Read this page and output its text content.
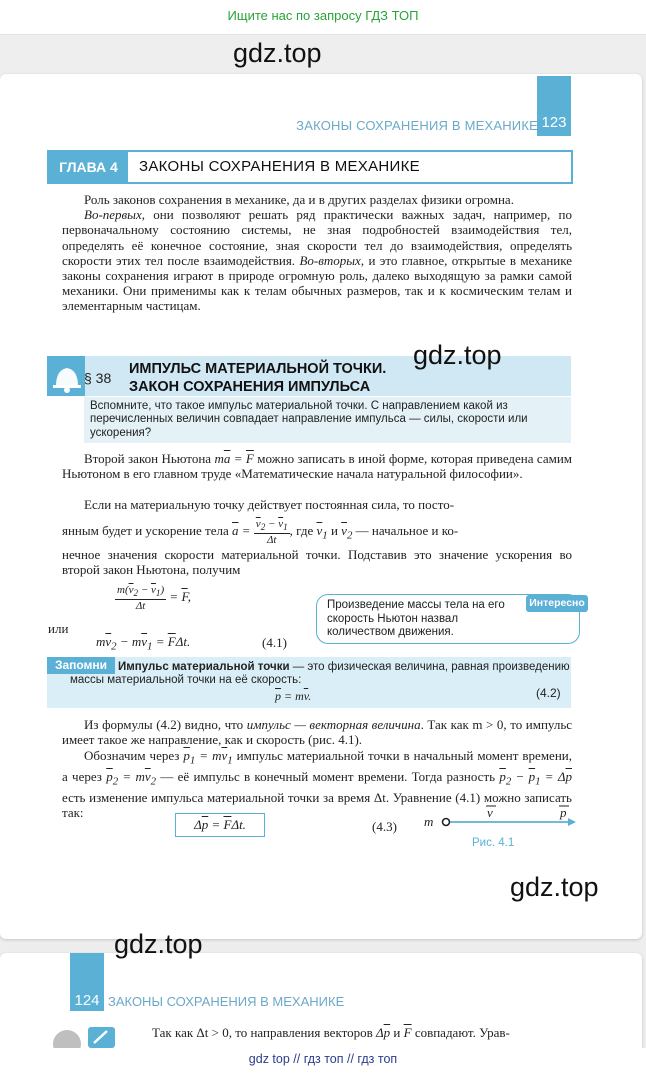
Ищите нас по запросу ГДЗ ТОП
gdz.top
123
ЗАКОНЫ СОХРАНЕНИЯ В МЕХАНИКЕ
ГЛАВА 4	ЗАКОНЫ СОХРАНЕНИЯ В МЕХАНИКЕ
Роль законов сохранения в механике, да и в других разделах физики огромна.
Во-первых, они позволяют решать ряд практически важных задач, например, по первоначальному состоянию системы, не зная подробностей взаимодействия тел, определять её конечное состояние, зная скорости тел до взаимодействия, определять скорости этих тел после взаимодействия. Во-вторых, и это главное, открытые в механике законы сохранения играют в природе огромную роль, далеко выходящую за рамки самой механики. Они применимы как к телам обычных размеров, так и к космическим телам и элементарным частицам.
§ 38
ИМПУЛЬС МАТЕРИАЛЬНОЙ ТОЧКИ.
ЗАКОН СОХРАНЕНИЯ ИМПУЛЬСА
gdz.top
Вспомните, что такое импульс материальной точки. С направлением какой из перечисленных величин совпадает направление импульса — силы, скорости или ускорения?
Второй закон Ньютона $m\overline{a} = \overline{F}$ можно записать в иной форме, которая приведена самим Ньютоном в его главном труде «Математические начала натуральной философии».
Если на материальную точку действует постоянная сила, то посто-
янным будет и ускорение тела $\overline{a} = \frac{\overline{v}_2 - \overline{v}_1}{\Delta t}$ , где $\overline{v}_1$ и $\overline{v}_2$ — начальное и ко-
нечное значения скорости материальной точки. Подставив это значение ускорения во второй закон Ньютона, получим
$\frac{m(\overline{v}_2 - \overline{v}_1)}{\Delta t} = \overline{F}$,
или
$m\overline{v}_2 - m\overline{v}_1 = \overline{F}\Delta t$.	(4.1)
Произведение массы тела на его скорость Ньютон назвал количеством движения.
Интересно
Запомни Импульс материальной точки — это физическая величина, равная произведению массы материальной точки на её скорость:
$\overline{p} = m\overline{v}$.	(4.2)
Из формулы (4.2) видно, что импульс — векторная величина. Так как m > 0, то импульс имеет такое же направление, как и скорость (рис. 4.1).
Обозначим через $\overline{p}_1 = m\overline{v}_1$ импульс материальной точки в начальный момент времени, а через $\overline{p}_2 = m\overline{v}_2$ — её импульс в конечный момент времени. Тогда разность $\overline{p}_2 - \overline{p}_1 = \Delta\overline{p}$ есть изменение импульса материальной точки за время Δt. Уравнение (4.1) можно записать так:
$\Delta\overline{p} = \overline{F}\Delta t$.	(4.3) m
v	p
Рис. 4.1
gdz.top
gdz.top
124 ЗАКОНЫ СОХРАНЕНИЯ В МЕХАНИКЕ
Так как Δt > 0, то направления векторов $\Delta\overline{p}$ и $\overline{F}$ совпадают. Урав-
gdz top // гдз топ // гдз топ
